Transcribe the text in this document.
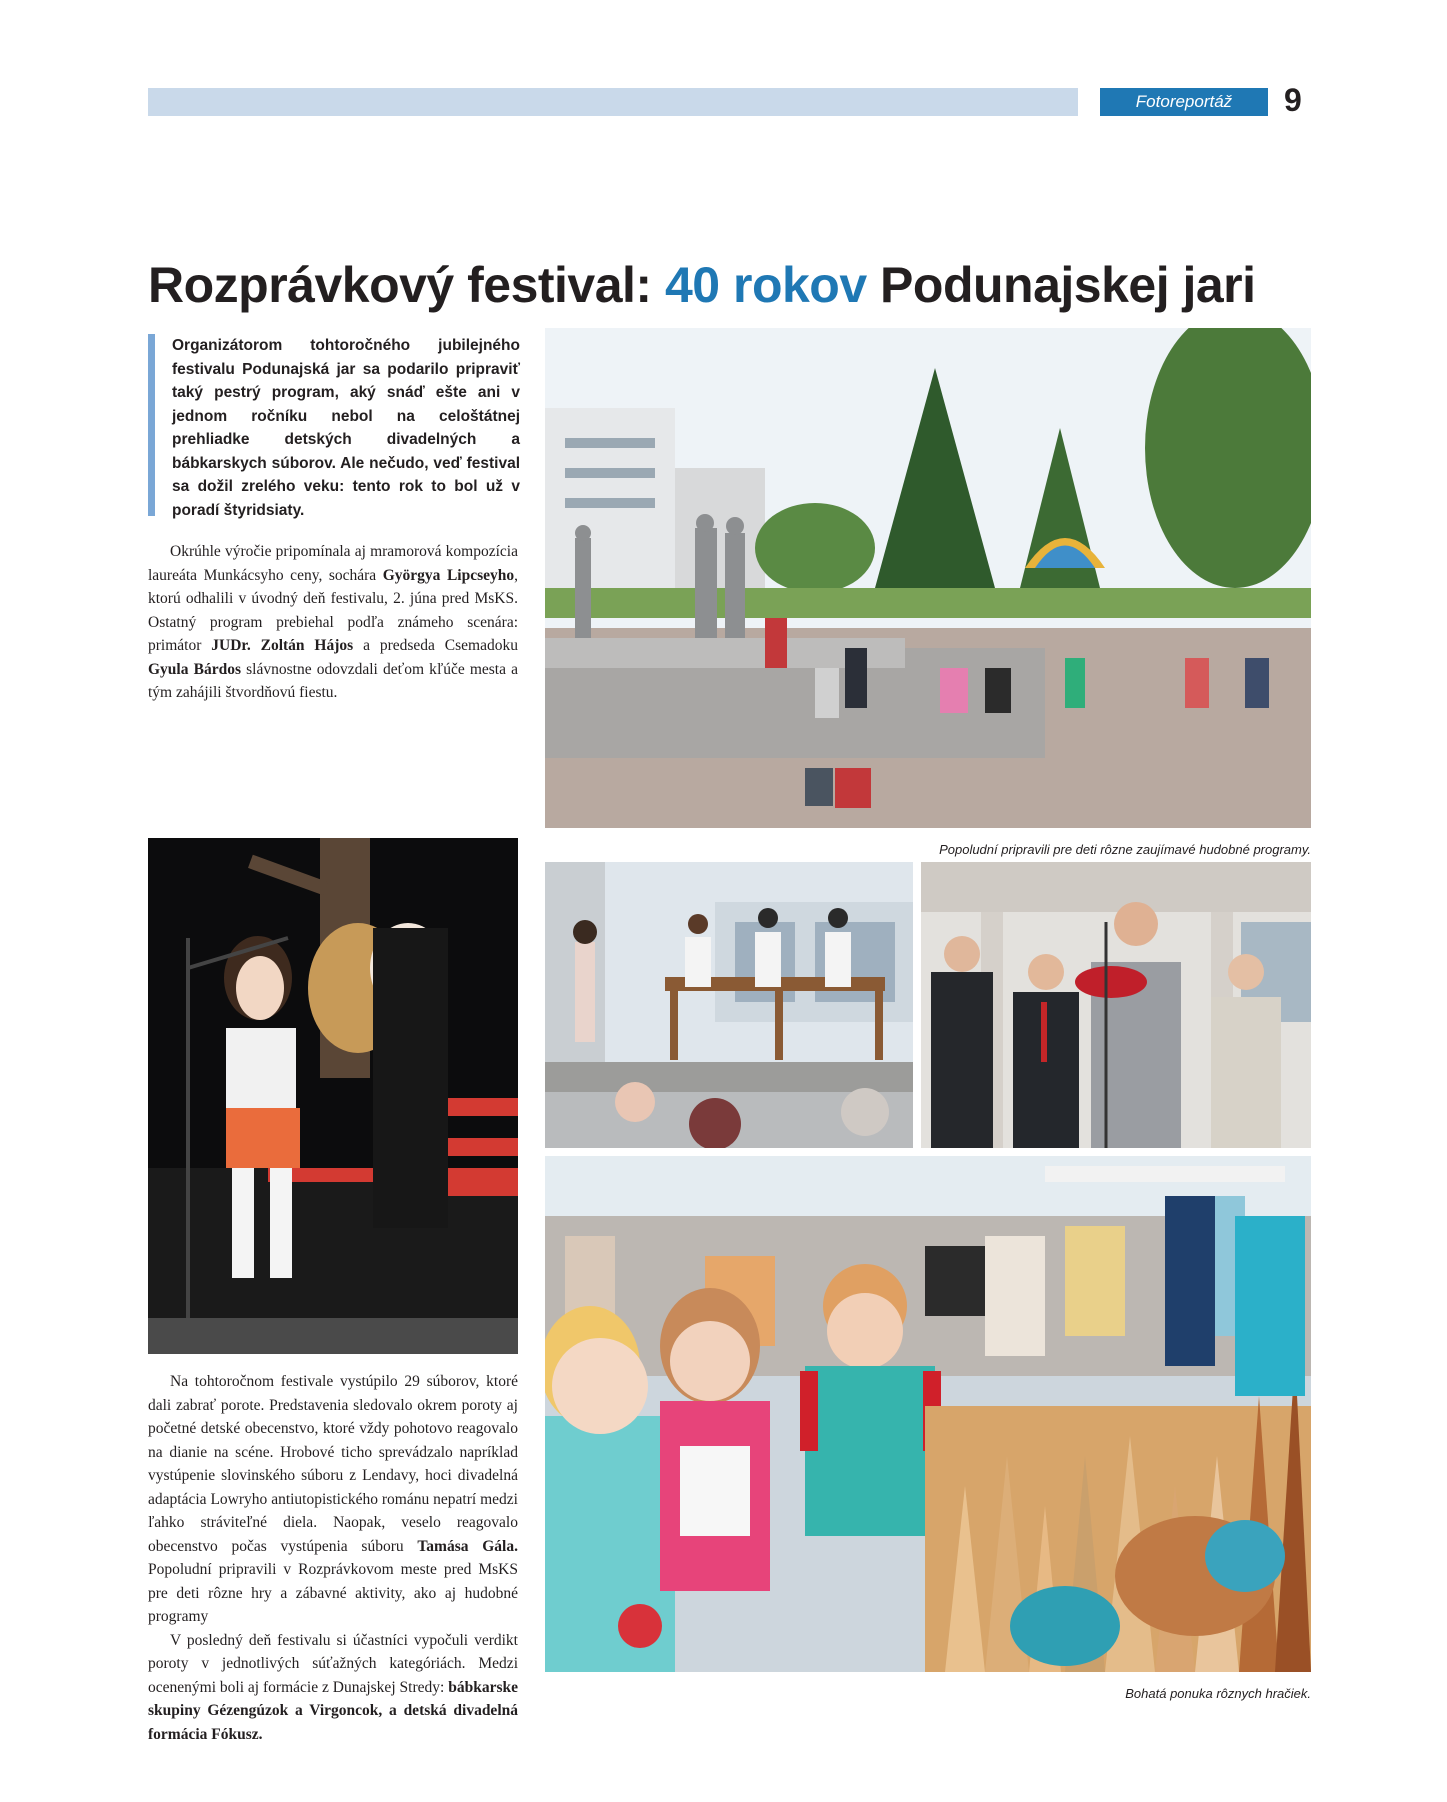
Fotoreportáž	9
Rozprávkový festival: 40 rokov Podunajskej jari

Organizátorom tohtoročného jubilejného festivalu Podunajská jar sa podarilo pripraviť taký pestrý program, aký snáď ešte ani v jednom ročníku nebol na celoštátnej prehliadke detských divadelných a bábkarskych súborov. Ale nečudo, veď festival sa dožil zrelého veku: tento rok to bol už v poradí štyridsiaty.

Okrúhle výročie pripomínala aj mramorová kompozícia laureáta Munkácsyho ceny, sochára Györgya Lipcseyho, ktorú odhalili v úvodný deň festivalu, 2. júna pred MsKS. Ostatný program prebiehal podľa známeho scenára: primátor JUDr. Zoltán Hájos a predseda Csemadoku Gyula Bárdos slávnostne odovzdali deťom kľúče mesta a tým zahájili štvordňovú fiestu.

Na tohtoročnom festivale vystúpilo 29 súborov, ktoré dali zabrať porote. Predstavenia sledovalo okrem poroty aj početné detské obecenstvo, ktoré vždy pohotovo reagovalo na dianie na scéne. Hrobové ticho sprevádzalo napríklad vystúpenie slovinského súboru z Lendavy, hoci divadelná adaptácia Lowryho antiutopistického románu nepatrí medzi ľahko stráviteľné diela. Naopak, veselo reagovalo obecenstvo počas vystúpenia súboru Tamása Gála. Popoludní pripravili v Rozprávkovom meste pred MsKS pre deti rôzne hry a zábavné aktivity, ako aj hudobné programy

V posledný deň festivalu si účastníci vypočuli verdikt poroty v jednotlivých súťažných kategóriách. Medzi ocenenými boli aj formácie z Dunajskej Stredy: bábkarske skupiny Gézengúzok a Virgoncok, a detská divadelná formácia Fókusz.

Popoludní pripravili pre deti rôzne zaujímavé hudobné programy.
Bohatá ponuka rôznych hračiek.
